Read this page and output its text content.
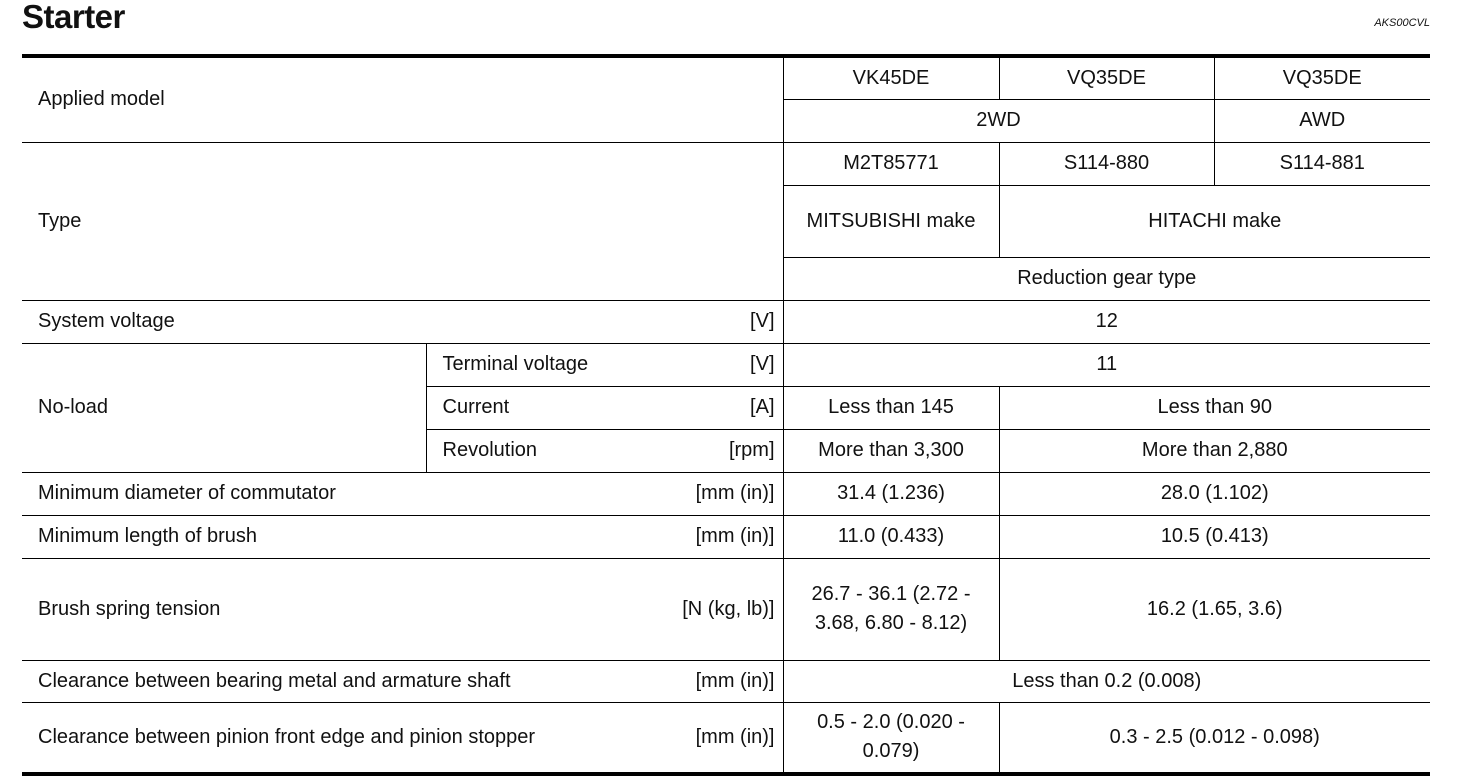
Starter	AKS00CVL
Applied model		VK45DE	VQ35DE	VQ35DE
		2WD		AWD
Type		M2T85771	S114-880	S114-881
		MITSUBISHI make	HITACHI make	
		Reduction gear type		

System voltage [V]		12		
No-load	Terminal voltage [V]	11		

	Current [A]	Less than 145	Less than 90	

	Revolution [rpm]	More than 3,300	More than 2,880	

Minimum diameter of commutator [mm (in)]		31.4 (1.236)	28.0 (1.102)	

Minimum length of brush [mm (in)]		11.0 (0.433)	10.5 (0.413)	

Brush spring tension [N (kg, lb)]		26.7 - 36.1 (2.72 - 3.68, 6.80 - 8.12)	16.2 (1.65, 3.6)	

Clearance between bearing metal and armature shaft [mm (in)]		Less than 0.2 (0.008)		

Clearance between pinion front edge and pinion stopper [mm (in)]		0.5 - 2.0 (0.020 - 0.079)	0.3 - 2.5 (0.012 - 0.098)	
